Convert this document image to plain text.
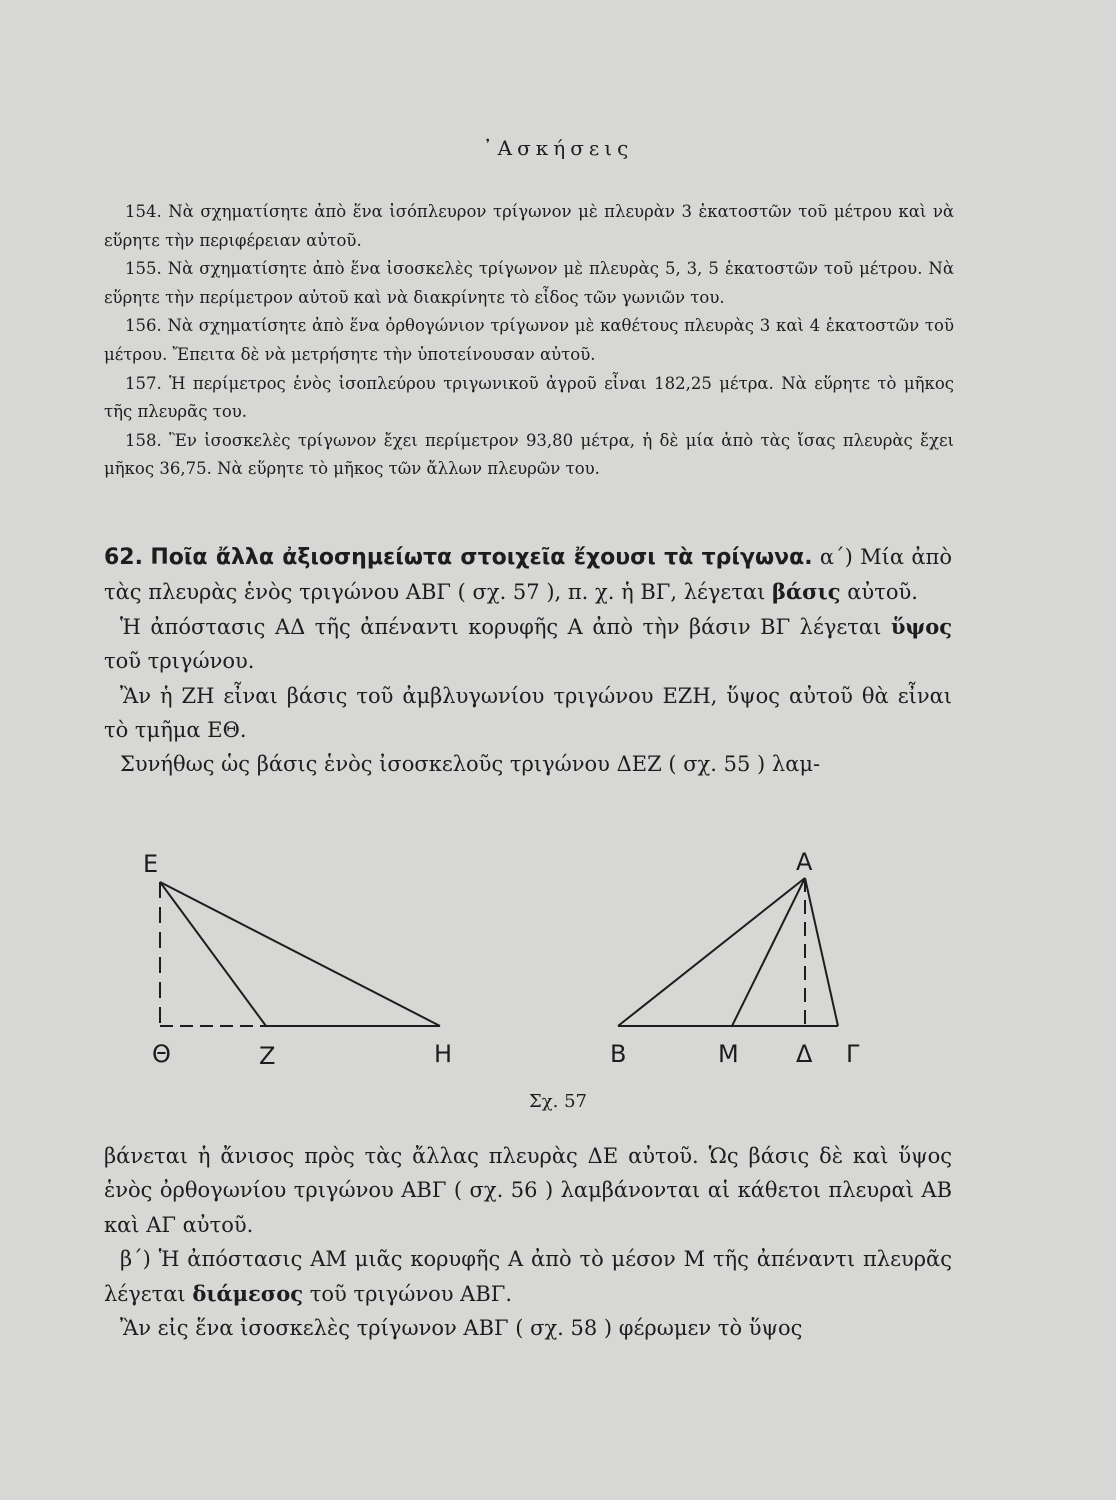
᾿Ασκήσεις

154. Νὰ σχηματίσητε ἀπὸ ἕνα ἰσόπλευρον τρίγωνον μὲ πλευρὰν 3 ἑκατοστῶν τοῦ μέτρου καὶ νὰ εὕρητε τὴν περιφέρειαν αὐτοῦ.

155. Νὰ σχηματίσητε ἀπὸ ἕνα ἰσοσκελὲς τρίγωνον μὲ πλευρὰς 5, 3, 5 ἑκατοστῶν τοῦ μέτρου. Νὰ εὕρητε τὴν περίμετρον αὐτοῦ καὶ νὰ διακρίνητε τὸ εἶδος τῶν γωνιῶν του.

156. Νὰ σχηματίσητε ἀπὸ ἕνα ὀρθογώνιον τρίγωνον μὲ καθέτους πλευρὰς 3 καὶ 4 ἑκατοστῶν τοῦ μέτρου. Ἔπειτα δὲ νὰ μετρήσητε τὴν ὑποτείνουσαν αὐτοῦ.

157. Ἡ περίμετρος ἑνὸς ἰσοπλεύρου τριγωνικοῦ ἀγροῦ εἶναι 182,25 μέτρα. Νὰ εὕρητε τὸ μῆκος τῆς πλευρᾶς του.

158. Ἓν ἰσοσκελὲς τρίγωνον ἔχει περίμετρον 93,80 μέτρα, ἡ δὲ μία ἀπὸ τὰς ἴσας πλευρὰς ἔχει μῆκος 36,75. Νὰ εὕρητε τὸ μῆκος τῶν ἄλλων πλευρῶν του.

62. Ποῖα ἄλλα ἀξιοσημείωτα στοιχεῖα ἔχουσι τὰ τρίγωνα. α΄) Μία ἀπὸ τὰς πλευρὰς ἑνὸς τριγώνου ΑΒΓ ( σχ. 57 ), π. χ. ἡ ΒΓ, λέγεται βάσις αὐτοῦ.

Ἡ ἀπόστασις ΑΔ τῆς ἀπέναντι κορυφῆς Α ἀπὸ τὴν βάσιν ΒΓ λέγεται ὕψος τοῦ τριγώνου.

Ἂν ἡ ΖΗ εἶναι βάσις τοῦ ἀμβλυγωνίου τριγώνου ΕΖΗ, ὕψος αὐτοῦ θὰ εἶναι τὸ τμῆμα ΕΘ.

Συνήθως ὡς βάσις ἑνὸς ἰσοσκελοῦς τριγώνου ΔΕΖ ( σχ. 55 ) λαμ-

Ε
Θ	Ζ	Η
Α
Β	Μ Δ Γ
Σχ. 57

βάνεται ἡ ἄνισος πρὸς τὰς ἄλλας πλευρὰς ΔΕ αὐτοῦ. Ὡς βάσις δὲ καὶ ὕψος ἑνὸς ὀρθογωνίου τριγώνου ΑΒΓ ( σχ. 56 ) λαμβάνονται αἱ κάθετοι πλευραὶ ΑΒ καὶ ΑΓ αὐτοῦ.

β΄) Ἡ ἀπόστασις ΑΜ μιᾶς κορυφῆς Α ἀπὸ τὸ μέσον Μ τῆς ἀπέναντι πλευρᾶς λέγεται διάμεσος τοῦ τριγώνου ΑΒΓ.

Ἂν εἰς ἕνα ἰσοσκελὲς τρίγωνον ΑΒΓ ( σχ. 58 ) φέρωμεν τὸ ὕψος
